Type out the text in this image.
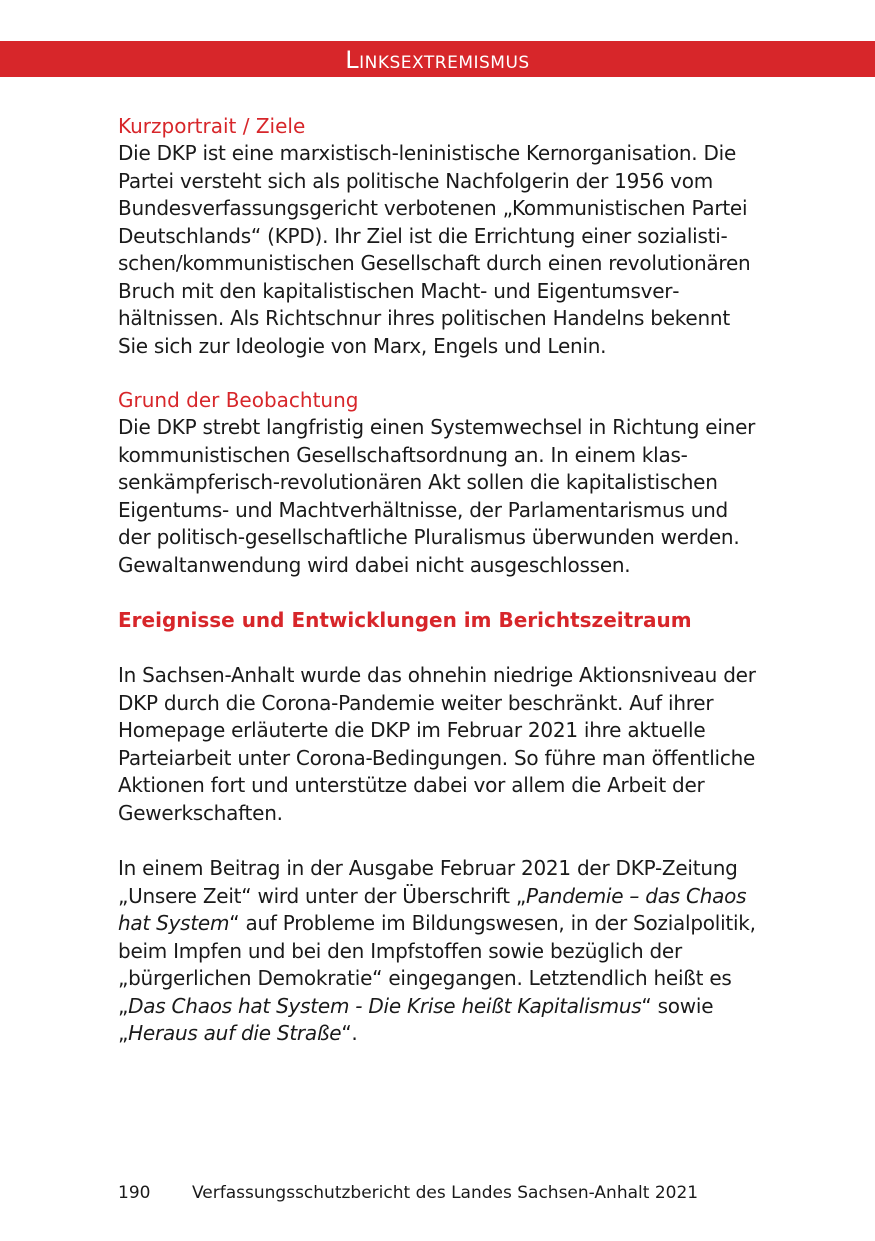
Linksextremismus
Kurzportrait / Ziele

Die DKP ist eine marxistisch-leninistische Kernorganisation. Die Partei versteht sich als politische Nachfolgerin der 1956 vom Bundesverfassungsgericht verbotenen „Kommunistischen Partei Deutschlands“ (KPD). Ihr Ziel ist die Errichtung einer sozialistischen/kommunistischen Gesellschaft durch einen revolutionären Bruch mit den kapitalistischen Macht- und Eigentumsverhältnissen. Als Richtschnur ihres politischen Handelns bekennt Sie sich zur Ideologie von Marx, Engels und Lenin.

Grund der Beobachtung

Die DKP strebt langfristig einen Systemwechsel in Richtung einer kommunistischen Gesellschaftsordnung an. In einem klassenkämpferisch-revolutionären Akt sollen die kapitalistischen Eigentums- und Machtverhältnisse, der Parlamentarismus und der politisch-gesellschaftliche Pluralismus überwunden werden. Gewaltanwendung wird dabei nicht ausgeschlossen.

Ereignisse und Entwicklungen im Berichtszeitraum

In Sachsen-Anhalt wurde das ohnehin niedrige Aktionsniveau der DKP durch die Corona-Pandemie weiter beschränkt. Auf ihrer Homepage erläuterte die DKP im Februar 2021 ihre aktuelle Parteiarbeit unter Corona-Bedingungen. So führe man öffentliche Aktionen fort und unterstütze dabei vor allem die Arbeit der Gewerkschaften.

In einem Beitrag in der Ausgabe Februar 2021 der DKP-Zeitung „Unsere Zeit“ wird unter der Überschrift „Pandemie – das Chaos hat System“ auf Probleme im Bildungswesen, in der Sozialpolitik, beim Impfen und bei den Impfstoffen sowie bezüglich der „bürgerlichen Demokratie“ eingegangen. Letztendlich heißt es „Das Chaos hat System - Die Krise heißt Kapitalismus“ sowie „Heraus auf die Straße“.

190 Verfassungsschutzbericht des Landes Sachsen-Anhalt 2021
